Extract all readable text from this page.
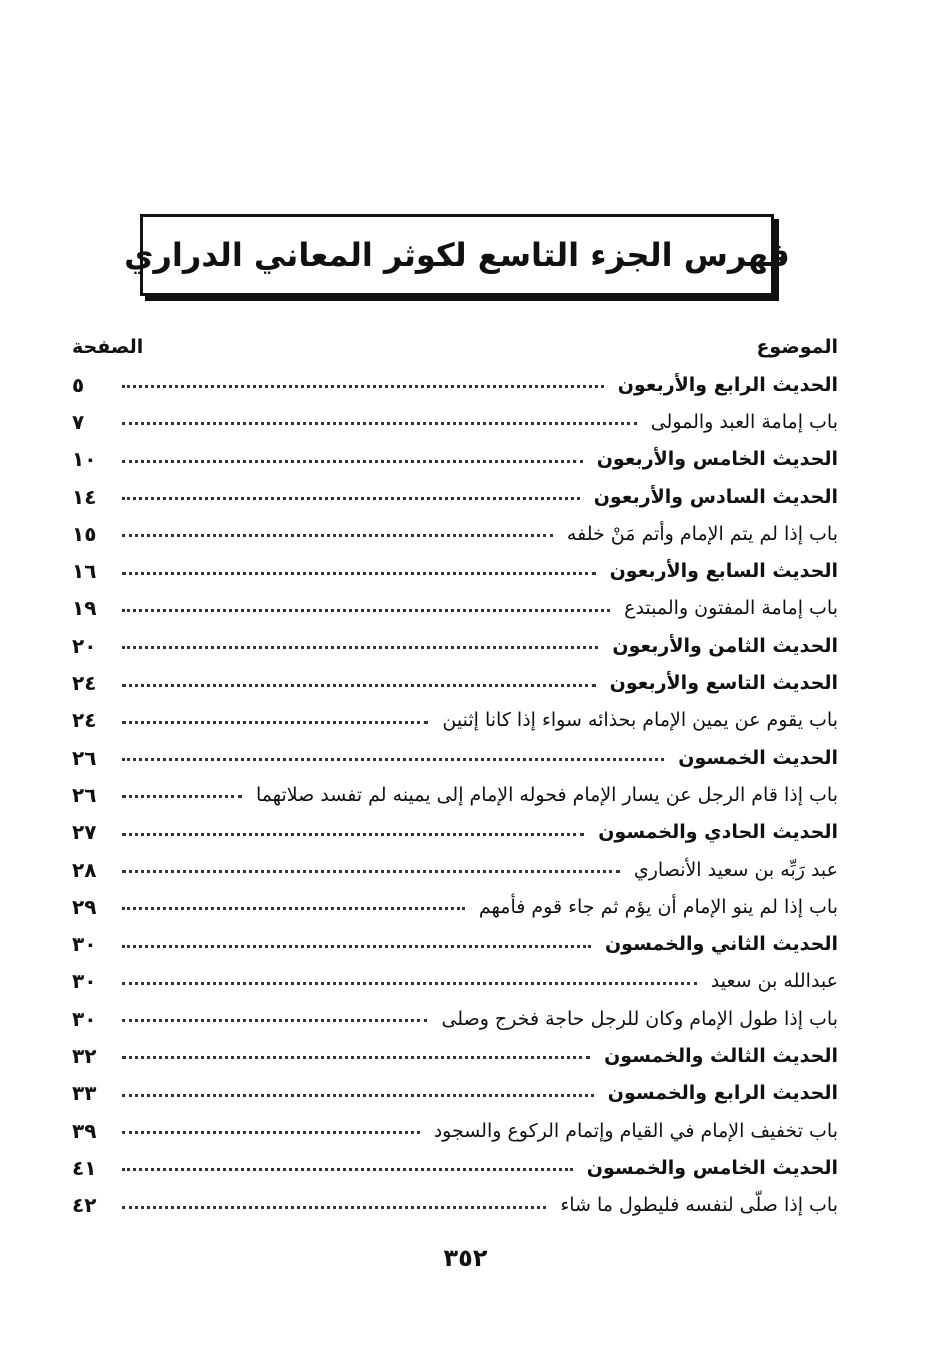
فهرس الجزء التاسع لكوثر المعاني الدراري
الموضوع
الصفحة
الحديث الرابع والأربعون
٥
باب إمامة العبد والمولى
٧
الحديث الخامس والأربعون
١٠
الحديث السادس والأربعون
١٤
باب إذا لم يتم الإمام وأتم مَنْ خلفه
١٥
الحديث السابع والأربعون
١٦
باب إمامة المفتون والمبتدع
١٩
الحديث الثامن والأربعون
٢٠
الحديث التاسع والأربعون
٢٤
باب يقوم عن يمين الإمام بحذائه سواء إذا كانا إثنين
٢٤
الحديث الخمسون
٢٦
باب إذا قام الرجل عن يسار الإمام فحوله الإمام إلى يمينه لم تفسد صلاتهما
٢٦
الحديث الحادي والخمسون
٢٧
عبد رَبِّه بن سعيد الأنصاري
٢٨
باب إذا لم ينو الإمام أن يؤم ثم جاء قوم فأمهم
٢٩
الحديث الثاني والخمسون
٣٠
عبدالله بن سعيد
٣٠
باب إذا طول الإمام وكان للرجل حاجة فخرج وصلى
٣٠
الحديث الثالث والخمسون
٣٢
الحديث الرابع والخمسون
٣٣
باب تخفيف الإمام في القيام وإتمام الركوع والسجود
٣٩
الحديث الخامس والخمسون
٤١
باب إذا صلّى لنفسه فليطول ما شاء
٤٢
٣٥٢
